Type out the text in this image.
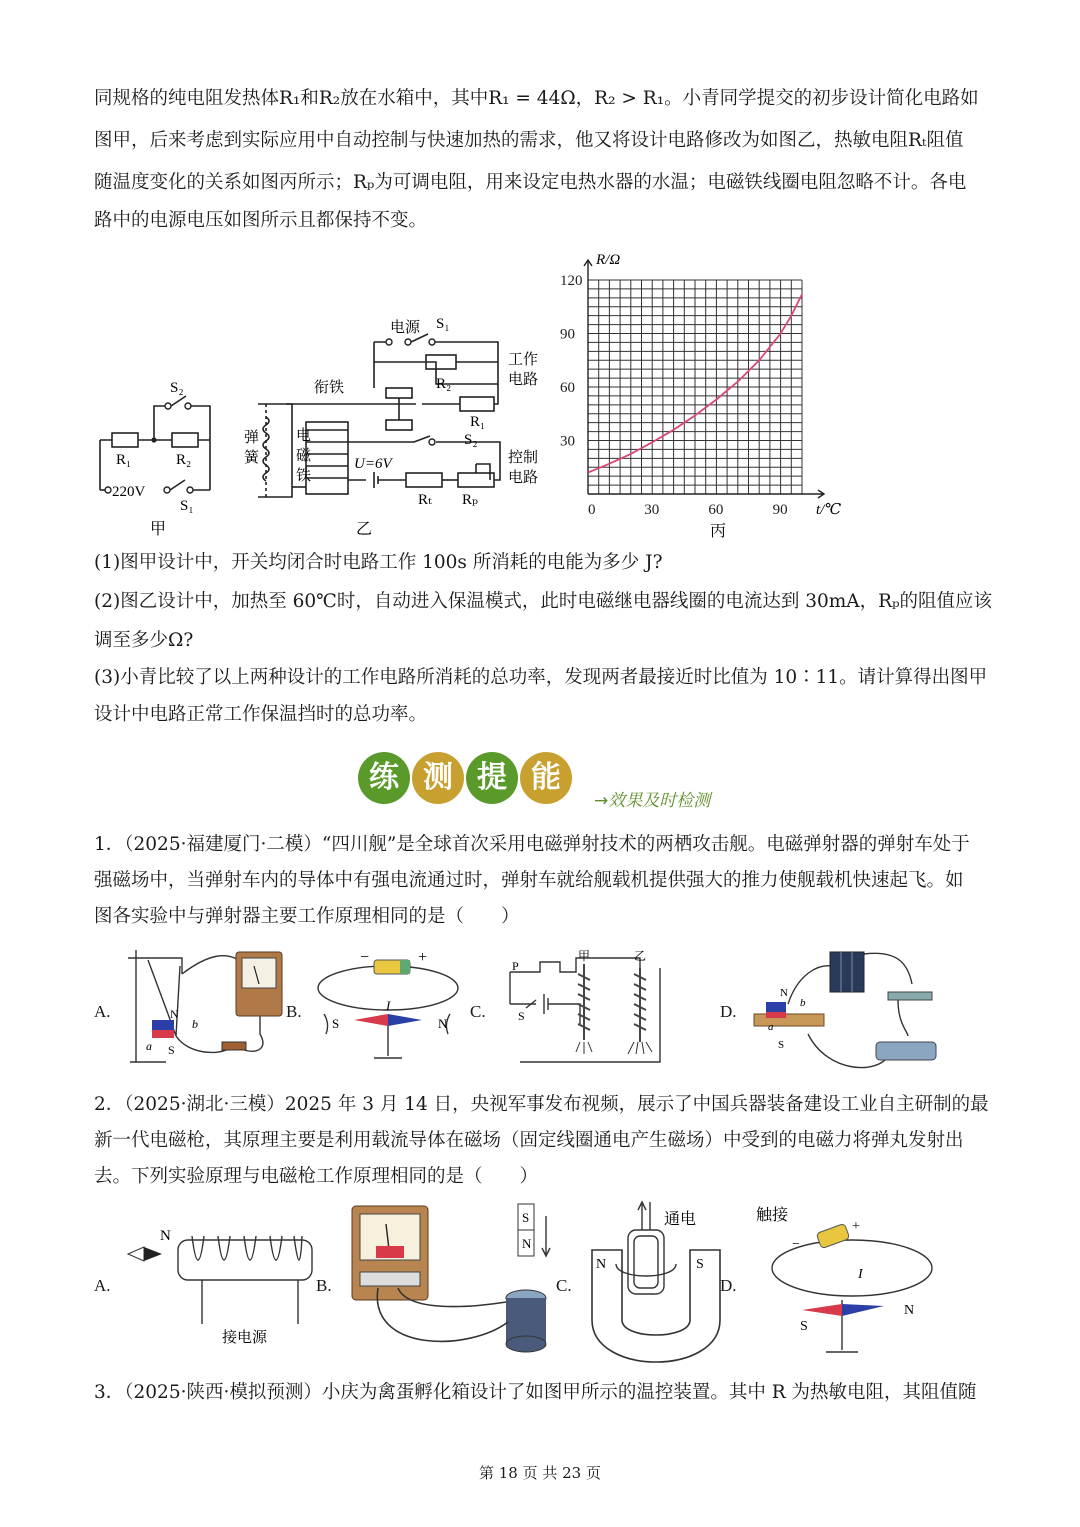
同规格的纯电阻发热体R₁和R₂放在水箱中，其中R₁ = 44Ω，R₂ > R₁。小青同学提交的初步设计简化电路如
图甲，后来考虑到实际应用中自动控制与快速加热的需求，他又将设计电路修改为如图乙，热敏电阻Rₜ阻值
随温度变化的关系如图丙所示；Rₚ为可调电阻，用来设定电热水器的水温；电磁铁线圈电阻忽略不计。各电
路中的电源电压如图所示且都保持不变。
S₂
R₁	R₂
220V
S₁
甲
电源 S₁
R₂
工作
电路
衔铁
R₁
S₂
弹
簧
电
磁
铁
U=6V	控制
电路
Rₜ Rₚ
乙
0	30	60	90
30
60
90
120
R/Ω
t/℃
丙
(1)图甲设计中，开关均闭合时电路工作 100s 所消耗的电能为多少 J?
(2)图乙设计中，加热至 60℃时，自动进入保温模式，此时电磁继电器线圈的电流达到 30mA，Rₚ的阻值应该
调至多少Ω?
(3)小青比较了以上两种设计的工作电路所消耗的总功率，发现两者最接近时比值为 10∶11。请计算得出图甲
设计中电路正常工作保温挡时的总功率。
练 测 提 能
→效果及时检测
1．（2025·福建厦门·二模）“四川舰”是全球首次采用电磁弹射技术的两栖攻击舰。电磁弹射器的弹射车处于
强磁场中，当弹射车内的导体中有强电流通过时，弹射车就给舰载机提供强大的推力使舰载机快速起飞。如
图各实验中与弹射器主要工作原理相同的是（　　）
A.	B.	C.	D.
N
S
a
b
−	+
I
S	N
P
S
甲	乙
N
S
b
a
2．（2025·湖北·三模）2025 年 3 月 14 日，央视军事发布视频，展示了中国兵器装备建设工业自主研制的最
新一代电磁枪，其原理主要是利用载流导体在磁场（固定线圈通电产生磁场）中受到的电磁力将弹丸发射出
去。下列实验原理与电磁枪工作原理相同的是（　　）
A.	B.	C.	D.
N
接电源
S
N
通电
N	S
触接
−
+
I
S
N
3．（2025·陕西·模拟预测）小庆为禽蛋孵化箱设计了如图甲所示的温控装置。其中 R 为热敏电阻，其阻值随
第 18 页 共 23 页
